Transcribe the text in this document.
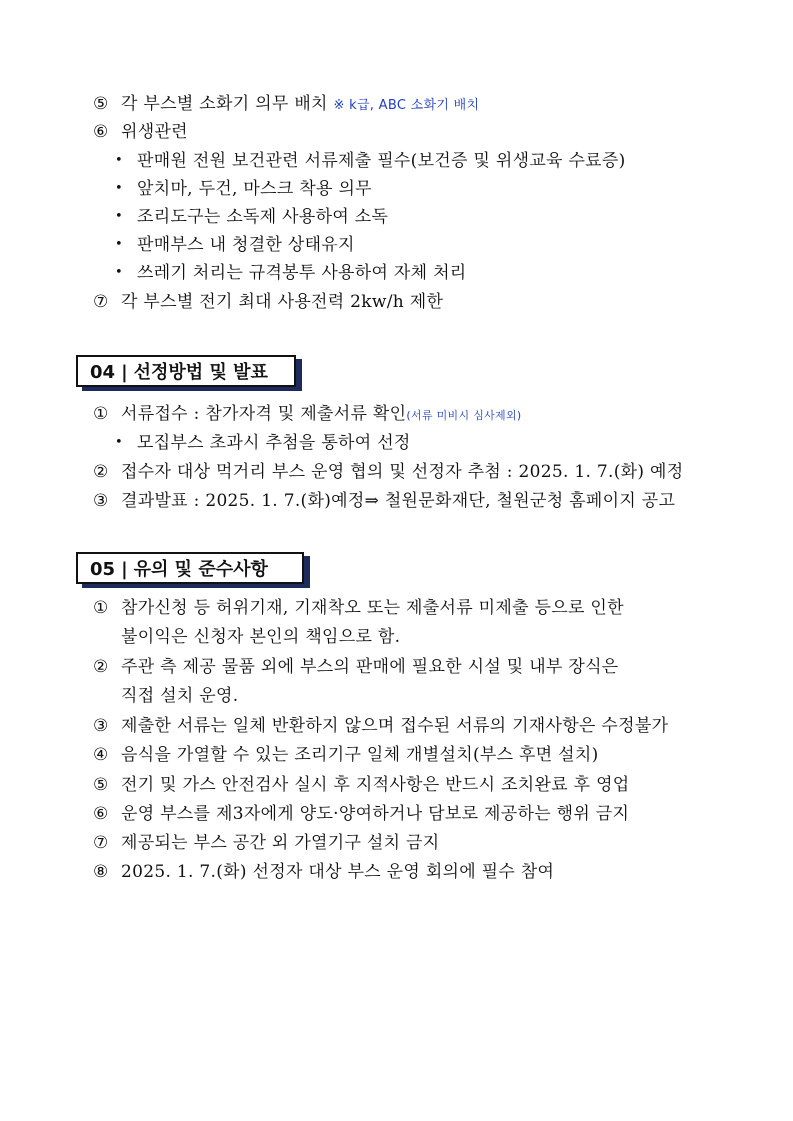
⑤ 각 부스별 소화기 의무 배치 ※ k급, ABC 소화기 배치
⑥ 위생관련
• 판매원 전원 보건관련 서류제출 필수(보건증 및 위생교육 수료증)
• 앞치마, 두건, 마스크 착용 의무
• 조리도구는 소독제 사용하여 소독
• 판매부스 내 청결한 상태유지
• 쓰레기 처리는 규격봉투 사용하여 자체 처리
⑦ 각 부스별 전기 최대 사용전력 2kw/h 제한
04 | 선정방법 및 발표
① 서류접수 : 참가자격 및 제출서류 확인(서류 미비시 심사제외)
• 모집부스 초과시 추첨을 통하여 선정
② 접수자 대상 먹거리 부스 운영 협의 및 선정자 추첨 : 2025. 1. 7.(화) 예정
③ 결과발표 : 2025. 1. 7.(화)예정⇒ 철원문화재단, 철원군청 홈페이지 공고
05 | 유의 및 준수사항
① 참가신청 등 허위기재, 기재착오 또는 제출서류 미제출 등으로 인한
불이익은 신청자 본인의 책임으로 함.
② 주관 측 제공 물품 외에 부스의 판매에 필요한 시설 및 내부 장식은
직접 설치 운영.
③ 제출한 서류는 일체 반환하지 않으며 접수된 서류의 기재사항은 수정불가
④ 음식을 가열할 수 있는 조리기구 일체 개별설치(부스 후면 설치)
⑤ 전기 및 가스 안전검사 실시 후 지적사항은 반드시 조치완료 후 영업
⑥ 운영 부스를 제3자에게 양도·양여하거나 담보로 제공하는 행위 금지
⑦ 제공되는 부스 공간 외 가열기구 설치 금지
⑧ 2025. 1. 7.(화) 선정자 대상 부스 운영 회의에 필수 참여
